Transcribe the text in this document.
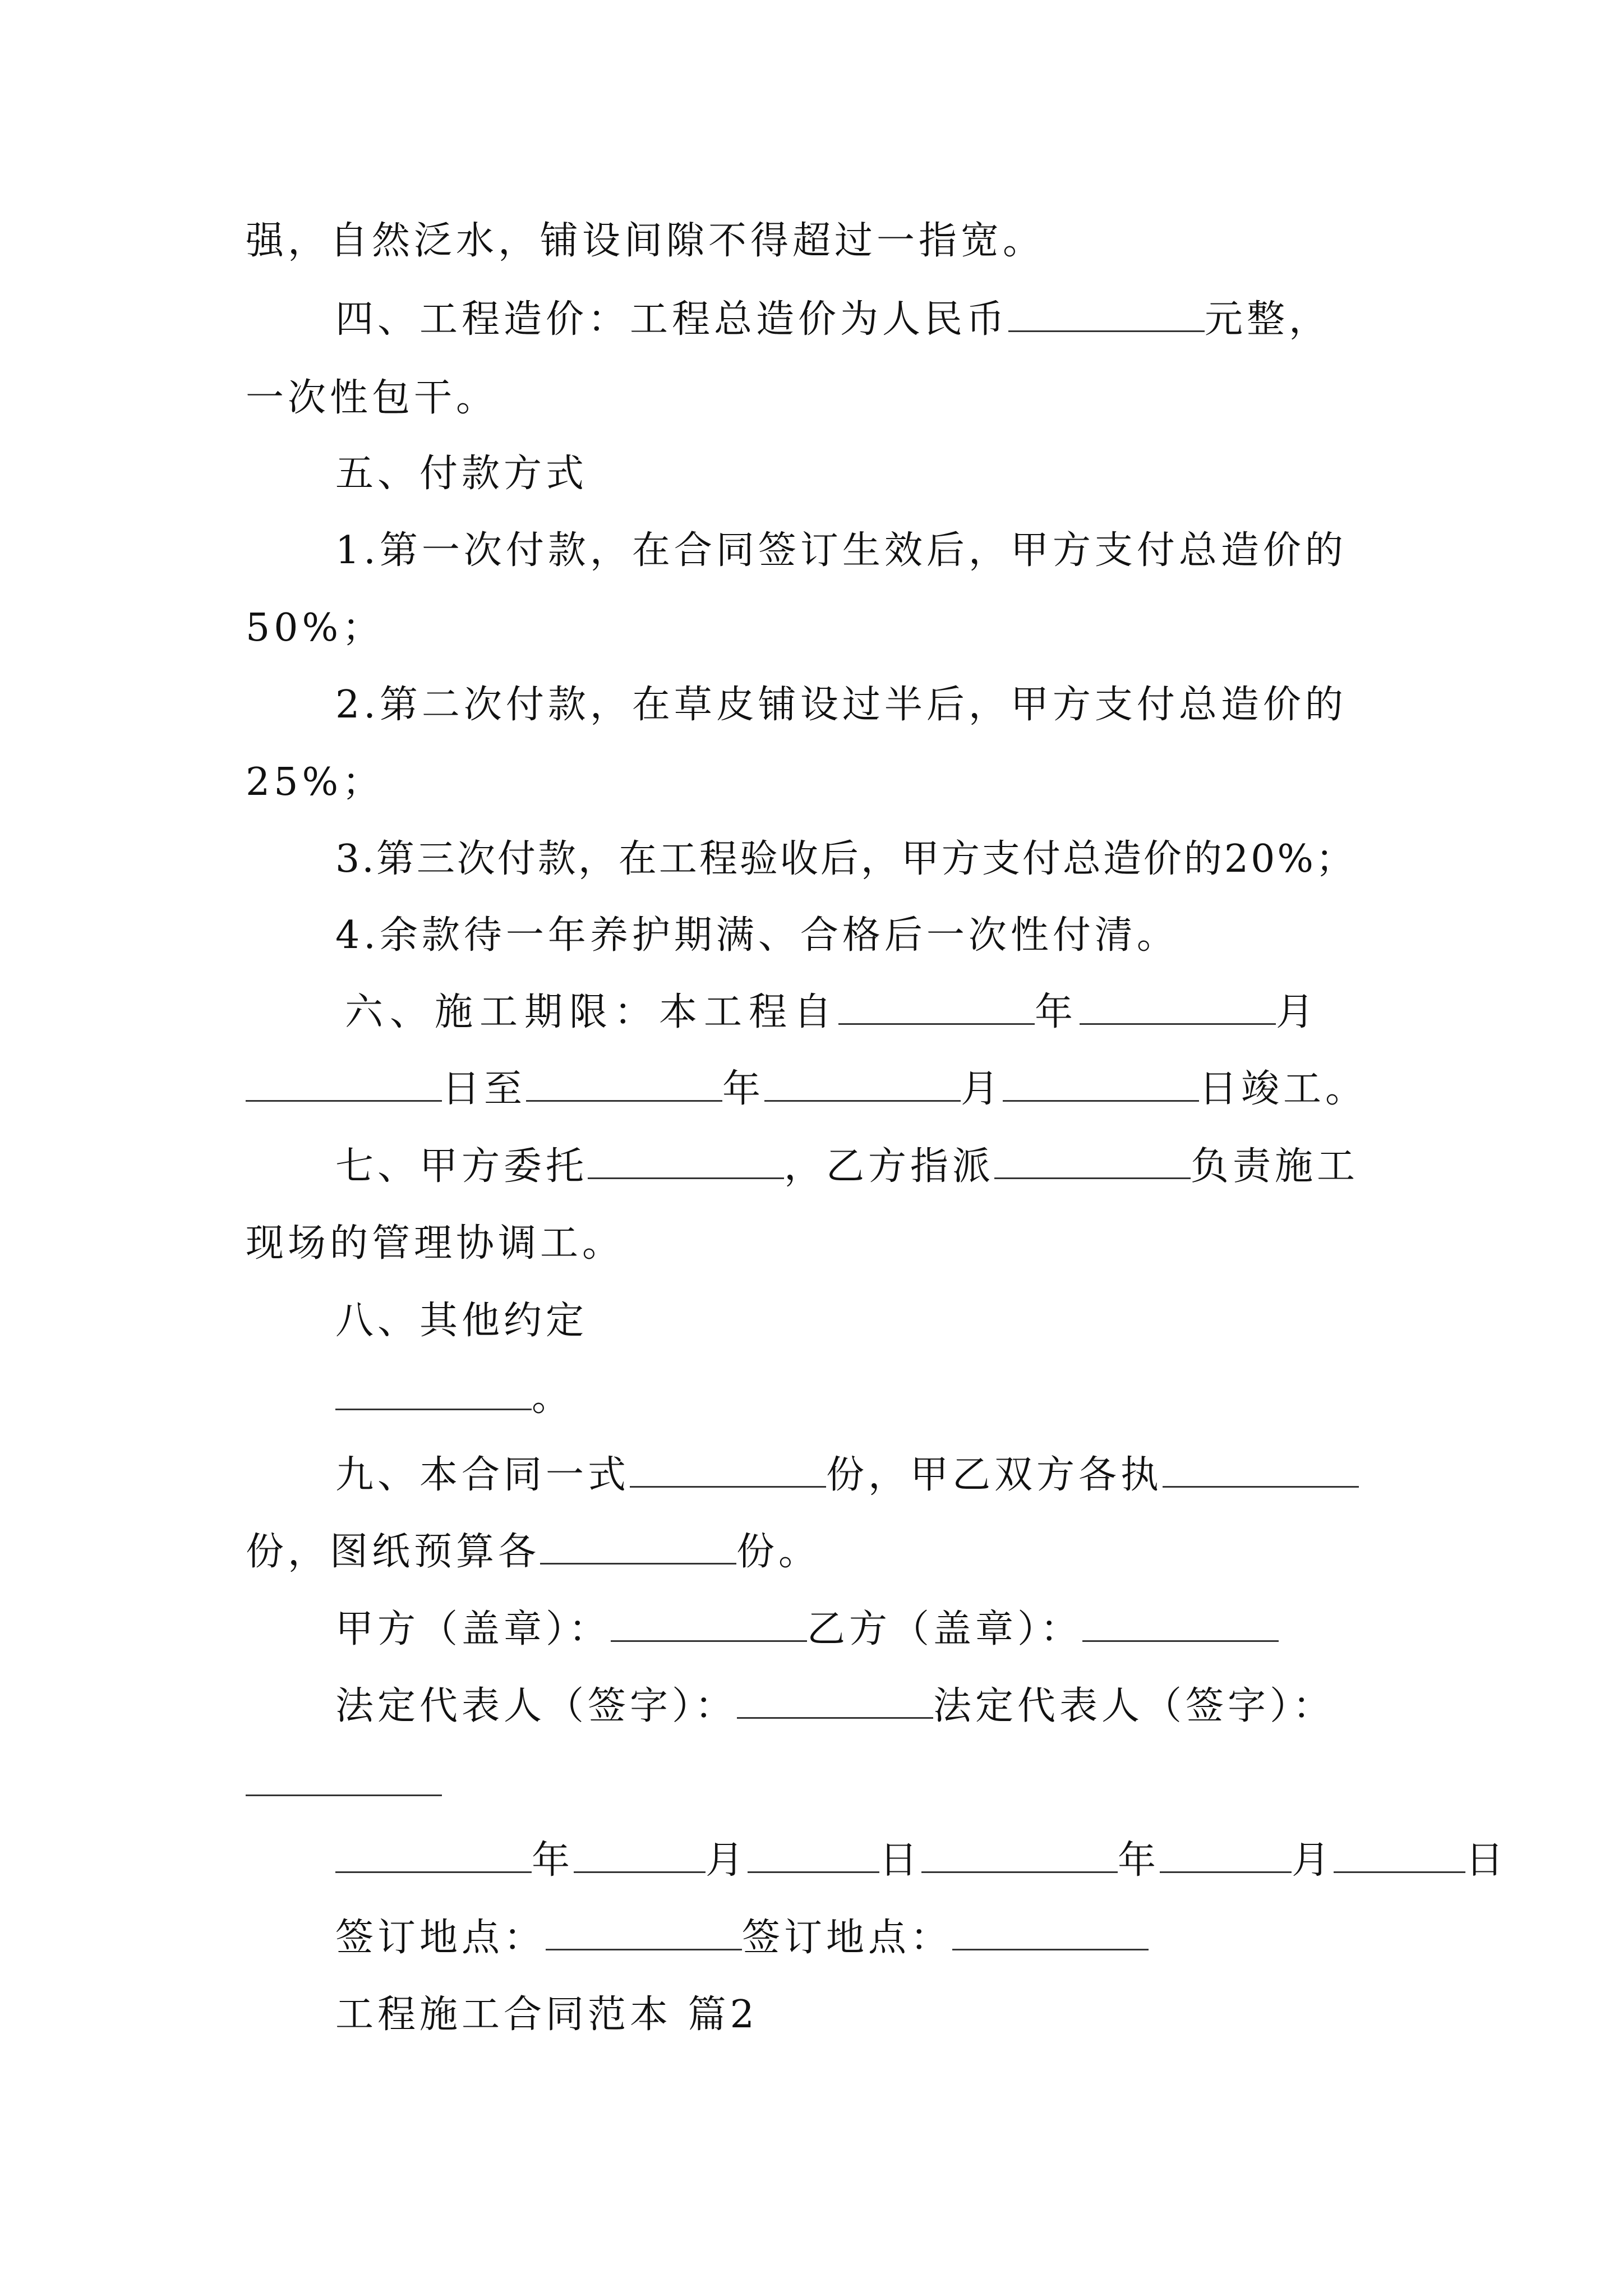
强，自然泛水，铺设间隙不得超过一指宽。
四、工程造价：工程总造价为人民币	元整，
一次性包干。
五、付款方式
1.第一次付款，在合同签订生效后，甲方支付总造价的
50%；
2.第二次付款，在草皮铺设过半后，甲方支付总造价的
25%；
3.第三次付款，在工程验收后，甲方支付总造价的20%；
4.余款待一年养护期满、合格后一次性付清。
六、施工期限：本工程自	年	月
日至	年	月	日竣工。
七、甲方委托	，乙方指派	负责施工
现场的管理协调工。
八、其他约定
。
九、本合同一式	份，甲乙双方各执
份，图纸预算各	份。
甲方（盖章）：	乙方（盖章）：
法定代表人（签字）：	法定代表人（签字）：
年	月	日	年	月	日
签订地点：	签订地点：
工程施工合同范本 篇2
